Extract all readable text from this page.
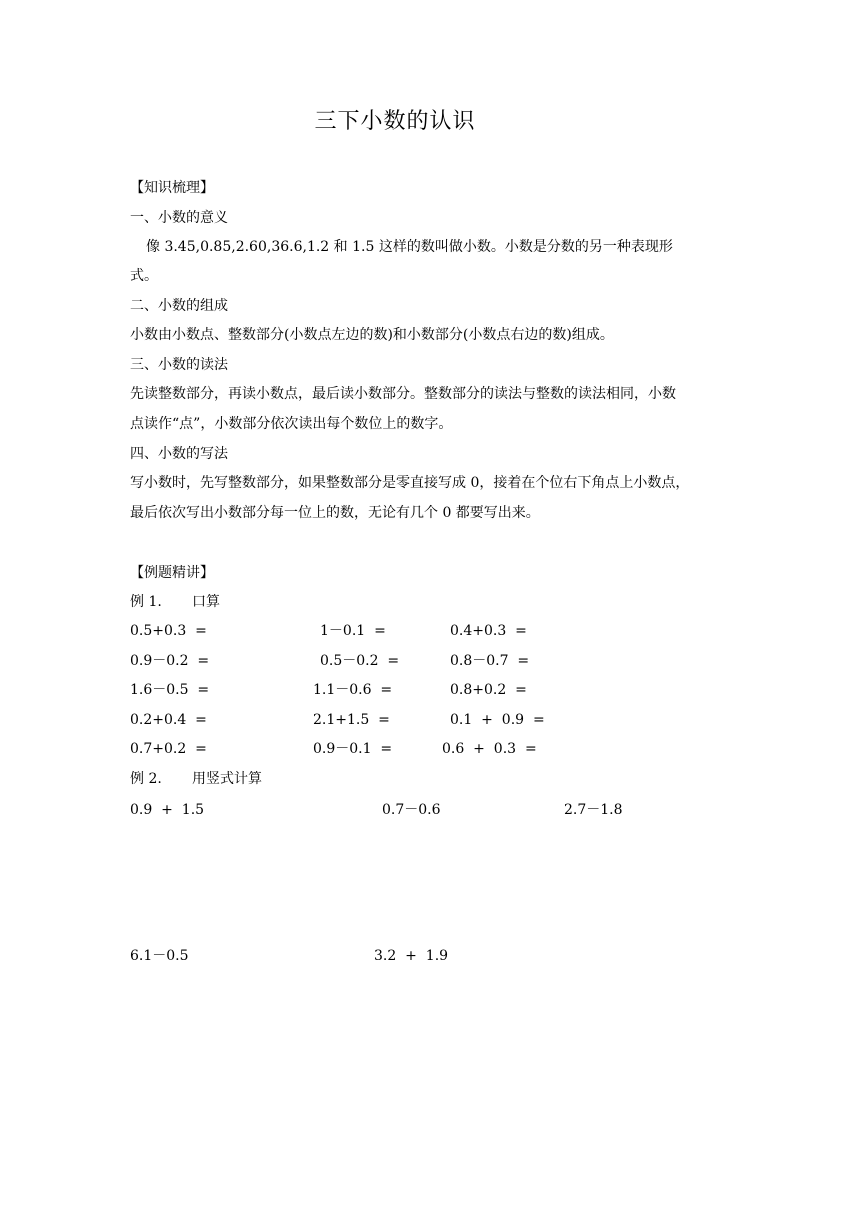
三下小数的认识
【知识梳理】
一、小数的意义
像 3.45,0.85,2.60,36.6,1.2 和 1.5 这样的数叫做小数。小数是分数的另一种表现形
式。
二、小数的组成
小数由小数点、整数部分(小数点左边的数)和小数部分(小数点右边的数)组成。
三、小数的读法
先读整数部分，再读小数点，最后读小数部分。整数部分的读法与整数的读法相同，小数
点读作“点”，小数部分依次读出每个数位上的数字。
四、小数的写法
写小数时，先写整数部分，如果整数部分是零直接写成 0，接着在个位右下角点上小数点，
最后依次写出小数部分每一位上的数，无论有几个 0 都要写出来。
【例题精讲】
例 1. 口算
0.5+0.3  =	1－0.1  =	0.4+0.3  =
0.9－0.2  =	0.5－0.2  =	0.8－0.7  =
1.6－0.5  =	1.1－0.6  =	0.8+0.2  =
0.2+0.4  =	2.1+1.5  =	0.1  +  0.9  =
0.7+0.2  =	0.9－0.1  =	0.6  +  0.3  =
例 2. 用竖式计算
0.9  +  1.5	0.7－0.6	2.7－1.8
6.1－0.5	3.2  +  1.9
